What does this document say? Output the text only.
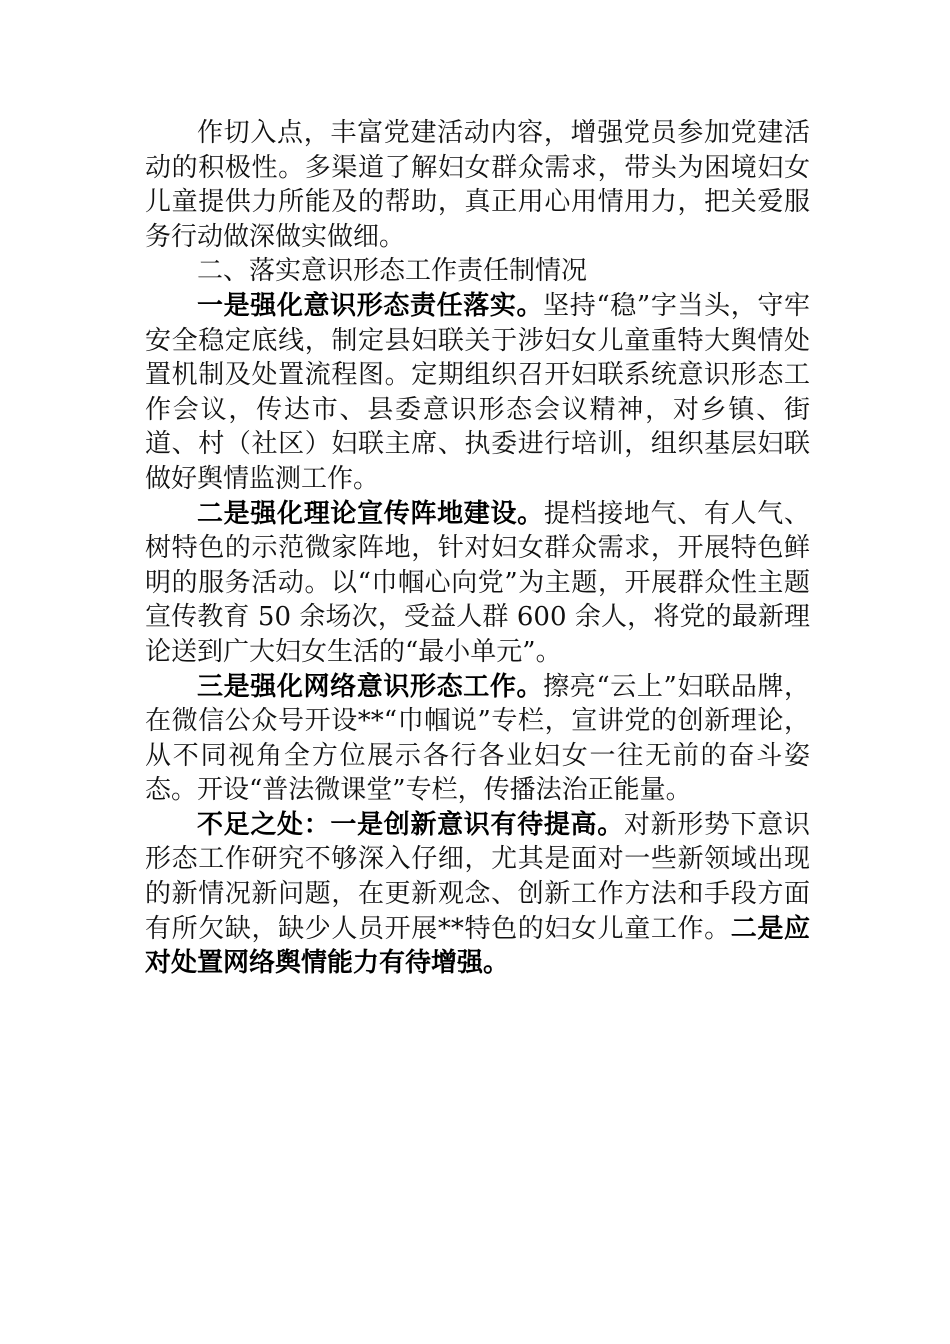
作切入点，丰富党建活动内容，增强党员参加党建活动的积极性。多渠道了解妇女群众需求，带头为困境妇女儿童提供力所能及的帮助，真正用心用情用力，把关爱服务行动做深做实做细。

二、落实意识形态工作责任制情况

一是强化意识形态责任落实。坚持“稳”字当头，守牢安全稳定底线，制定县妇联关于涉妇女儿童重特大舆情处置机制及处置流程图。定期组织召开妇联系统意识形态工作会议，传达市、县委意识形态会议精神，对乡镇、街道、村（社区）妇联主席、执委进行培训，组织基层妇联做好舆情监测工作。

二是强化理论宣传阵地建设。提档接地气、有人气、树特色的示范微家阵地，针对妇女群众需求，开展特色鲜明的服务活动。以“巾帼心向党”为主题，开展群众性主题宣传教育 50 余场次，受益人群 600 余人，将党的最新理论送到广大妇女生活的“最小单元”。

三是强化网络意识形态工作。擦亮“云上”妇联品牌，在微信公众号开设**“巾帼说”专栏，宣讲党的创新理论，从不同视角全方位展示各行各业妇女一往无前的奋斗姿态。开设“普法微课堂”专栏，传播法治正能量。

不足之处：一是创新意识有待提高。对新形势下意识形态工作研究不够深入仔细，尤其是面对一些新领域出现的新情况新问题，在更新观念、创新工作方法和手段方面有所欠缺，缺少人员开展**特色的妇女儿童工作。二是应对处置网络舆情能力有待增强。
